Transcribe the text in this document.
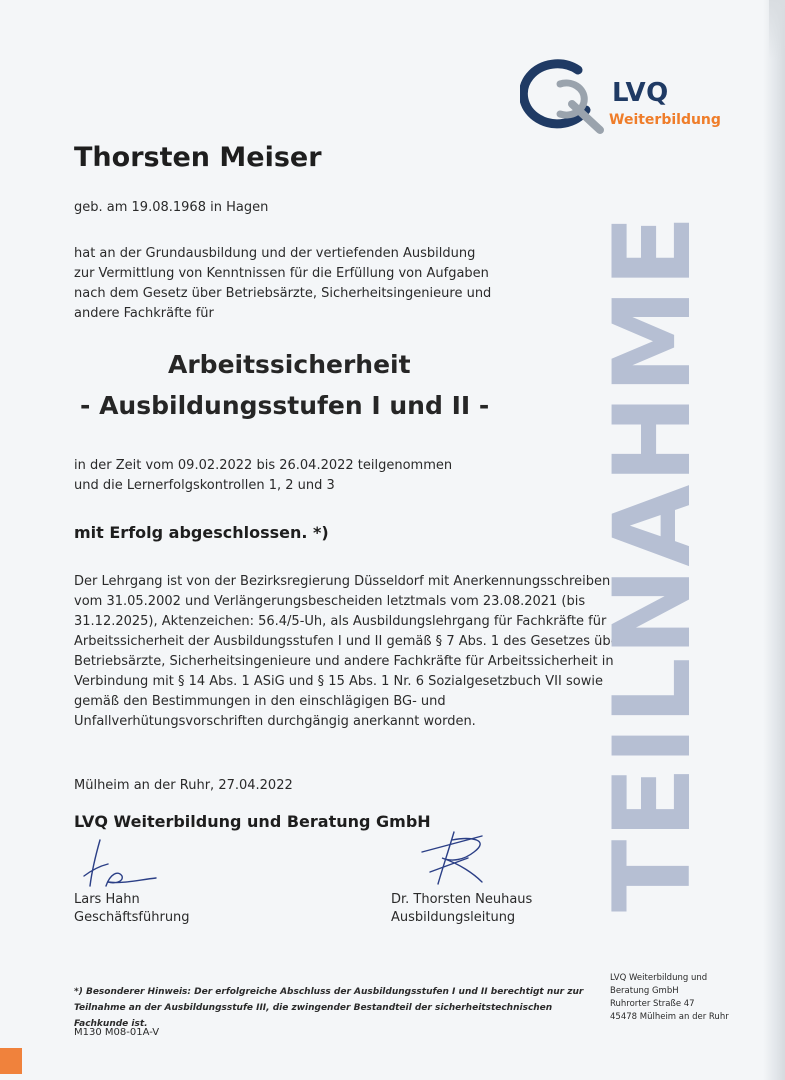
LVQ
Weiterbildung
Thorsten Meiser
geb. am 19.08.1968 in Hagen
hat an der Grundausbildung und der vertiefenden Ausbildung
zur Vermittlung von Kenntnissen für die Erfüllung von Aufgaben
nach dem Gesetz über Betriebsärzte, Sicherheitsingenieure und
andere Fachkräfte für
Arbeitssicherheit
- Ausbildungsstufen I und II -
in der Zeit vom 09.02.2022 bis 26.04.2022 teilgenommen
und die Lernerfolgskontrollen 1, 2 und 3
mit Erfolg abgeschlossen. *)
Der Lehrgang ist von der Bezirksregierung Düsseldorf mit Anerkennungsschreiben
vom 31.05.2002 und Verlängerungsbescheiden letztmals vom 23.08.2021 (bis
31.12.2025), Aktenzeichen: 56.4/5-Uh, als Ausbildungslehrgang für Fachkräfte für
Arbeitssicherheit der Ausbildungsstufen I und II gemäß § 7 Abs. 1 des Gesetzes über
Betriebsärzte, Sicherheitsingenieure und andere Fachkräfte für Arbeitssicherheit in
Verbindung mit § 14 Abs. 1 ASiG und § 15 Abs. 1 Nr. 6 Sozialgesetzbuch VII sowie
gemäß den Bestimmungen in den einschlägigen BG- und
Unfallverhütungsvorschriften durchgängig anerkannt worden.
Mülheim an der Ruhr, 27.04.2022
LVQ Weiterbildung und Beratung GmbH
Lars Hahn
Geschäftsführung
Dr. Thorsten Neuhaus
Ausbildungsleitung
TEILNAHME
*) Besonderer Hinweis: Der erfolgreiche Abschluss der Ausbildungsstufen I und II berechtigt nur zur
Teilnahme an der Ausbildungsstufe III, die zwingender Bestandteil der sicherheitstechnischen Fachkunde ist.
LVQ Weiterbildung und
Beratung GmbH
Ruhrorter Straße 47
45478 Mülheim an der Ruhr
M130 M08-01A-V
